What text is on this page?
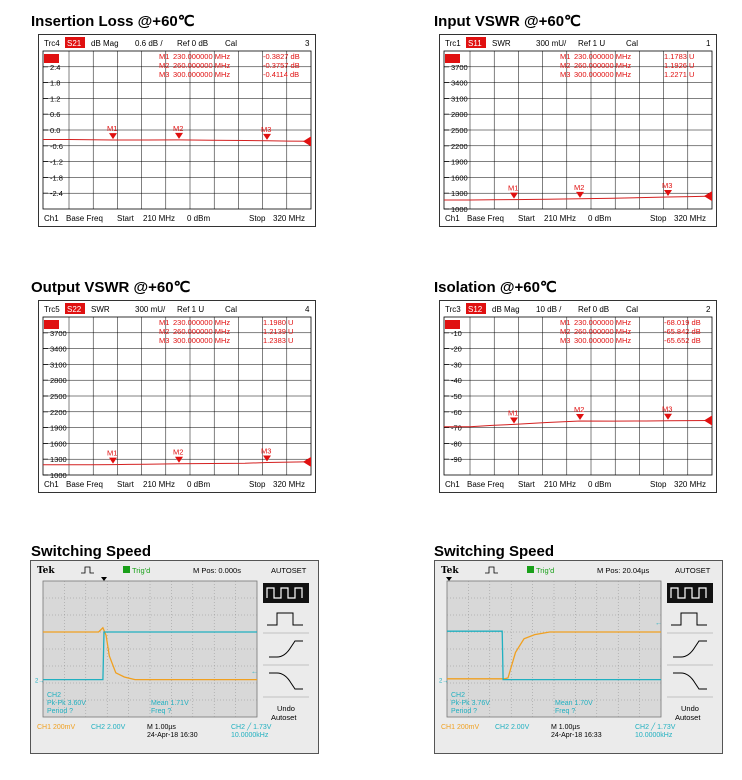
Insertion Loss @+60℃
Trc4 S21 dB Mag 0.6 dB / Ref 0 dB Cal	3
2.4
1.8
1.2
0.6
0.0
-0.6
-1.2
-1.8
-2.4
M1 230.000000 MHz	-0.3827 dB
M2 260.000000 MHz	-0.3757 dB
M3 300.000000 MHz	-0.4114 dB
M1	M2	M3
Ch1 Base Freq Start 210 MHz 0 dBm	Stop 320 MHz
Input VSWR @+60℃
Trc1 S11 SWR	300 mU/ Ref 1 U	Cal	1
3700
3400
3100
2800
2500
2200
1900
1600
1300
1000
M1 230.000000 MHz	1.1783 U
M2 260.000000 MHz	1.1926 U
M3 300.000000 MHz	1.2271 U
M1	M2	M3
Ch1 Base Freq Start 210 MHz 0 dBm	Stop 320 MHz
Output VSWR @+60℃
Trc5 S22 SWR	300 mU/ Ref 1 U	Cal	4
3700
3400
3100
2800
2500
2200
1900
1600
1300
1000
M1 230.000000 MHz	1.1980 U
M2 260.000000 MHz	1.2139 U
M3 300.000000 MHz	1.2383 U
M1	M2	M3
Ch1 Base Freq Start 210 MHz 0 dBm	Stop 320 MHz
Isolation @+60℃
Trc3 S12 dB Mag 10 dB / Ref 0 dB Cal	2
-10
-20
-30
-40
-50
-60
-70
-80
-90
M1 230.000000 MHz	-68.019 dB
M2 260.000000 MHz	-65.842 dB
M3 300.000000 MHz	-65.652 dB
M1	M2	M3
Ch1 Base Freq Start 210 MHz 0 dBm	Stop 320 MHz
Switching Speed
Tek	Trig'd	M Pos: 0.000s	AUTOSET
2→
←
CH2
Pk-Pk 3.60V
Period ?
Mean 1.71V
Freq ?	Undo
Autoset
CH1 200mV CH2 2.00V	M 1.00µs
24-Apr-18 16:30
CH2 ╱ 1.73V
10.0000kHz
Switching Speed
Tek	Trig'd	M Pos: 20.04µs	AUTOSET
2→
←
CH2
Pk-Pk 3.76V
Period ?
Mean 1.70V
Freq ?	Undo
Autoset
CH1 200mV CH2 2.00V	M 1.00µs
24-Apr-18 16:33
CH2 ╱ 1.73V
10.0000kHz
